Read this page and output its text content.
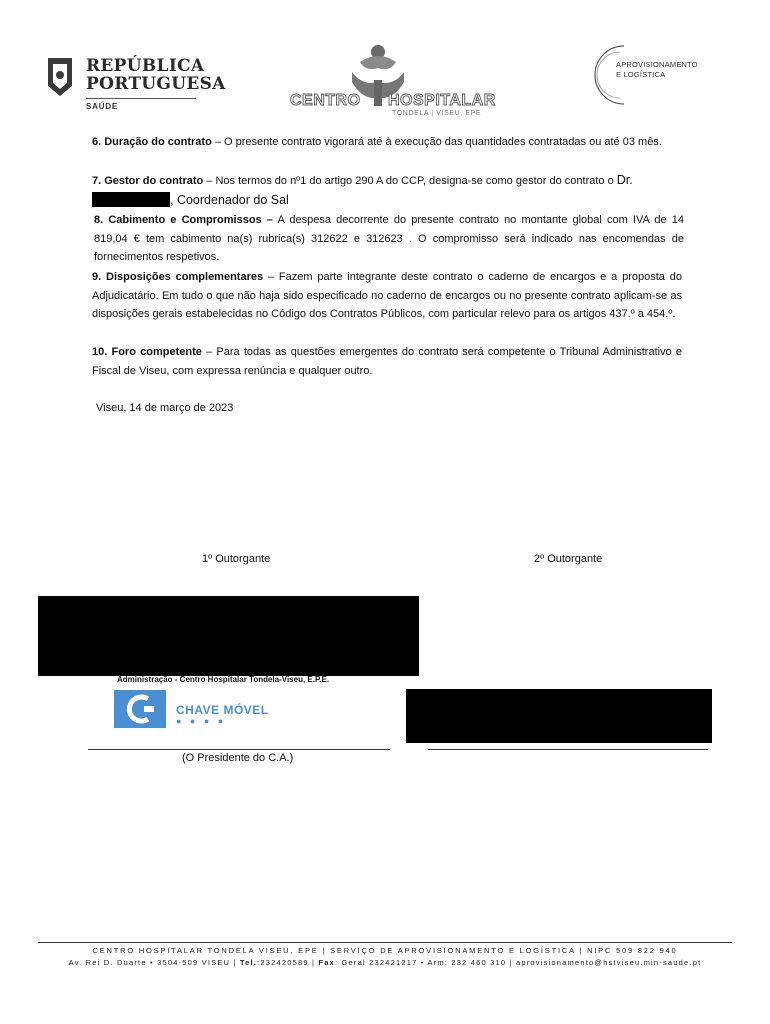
REPÚBLICA
PORTUGUESA
SAÚDE	CENTRO HOSPITALAR
TONDELA | VISEU, EPE
APROVISIONAMENTO
E LOGÍSTICA

6. Duração do contrato – O presente contrato vigorará até à execução das quantidades contratadas ou até 03 mês.

7. Gestor do contrato – Nos termos do nº1 do artigo 290 A do CCP, designa-se como gestor do contrato o Dr.
, Coordenador do Sal

8. Cabimento e Compromissos – A despesa decorrente do presente contrato no montante global com IVA de 14 819,04 € tem cabimento na(s) rubrica(s) 312622 e 312623 . O compromisso será indicado nas encomendas de fornecimentos respetivos.

9. Disposições complementares – Fazem parte integrante deste contrato o caderno de encargos e a proposta do Adjudicatário. Em tudo o que não haja sido especificado no caderno de encargos ou no presente contrato aplicam-se as disposições gerais estabelecidas no Código dos Contratos Públicos, com particular relevo para os artigos 437.º a 454.º.

10. Foro competente – Para todas as questões emergentes do contrato será competente o Tribunal Administrativo e Fiscal de Viseu, com expressa renúncia e qualquer outro.

Viseu, 14 de março de 2023
1º Outorgante	2º Outorgante
Administração - Centro Hospitalar Tondela-Viseu, E.P.E.
CHAVE MÓVEL
● ● ● ●
(O Presidente do C.A.)
CENTRO HOSPITALAR TONDELA VISEU, EPE | SERVIÇO DE APROVISIONAMENTO E LOGÍSTICA | NIPC 509 822 940
Av. Rei D. Duarte • 3504-509 VISEU | Tel.:232420589 | Fax: Geral 232421217 • Arm: 232 460 310 | aprovisionamento@hstviseu.min-saude.pt
